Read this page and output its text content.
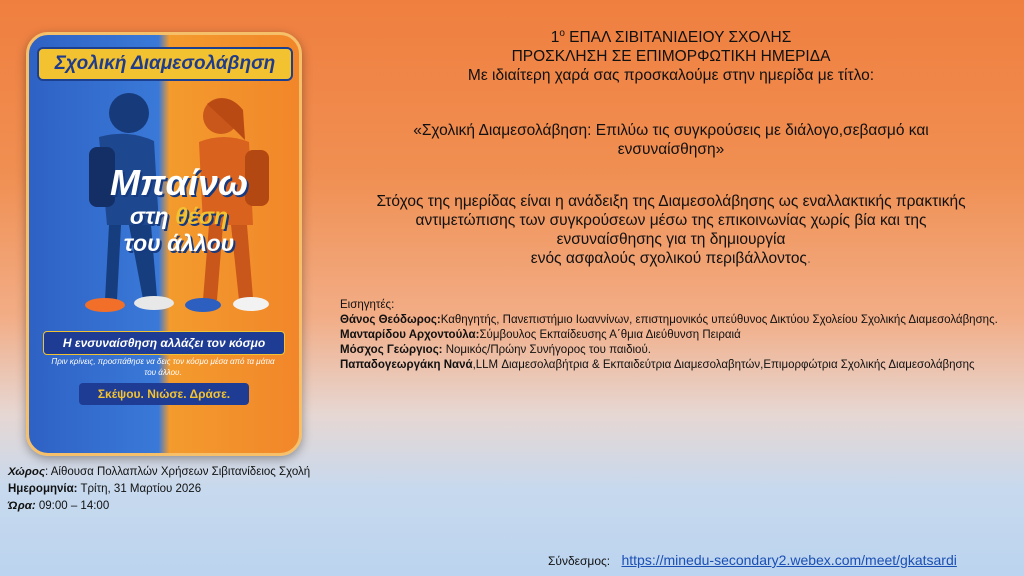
Σχολική Διαμεσολάβηση
Μπαίνω
στη θέση
του άλλου
Η ενσυναίσθηση αλλάζει τον κόσμο
Πριν κρίνεις, προσπάθησε να δεις τον κόσμο μέσα από τα μάτια του άλλου.
Σκέψου. Νιώσε. Δράσε.
$1^o$ ΕΠΑΛ ΣΙΒΙΤΑΝΙΔΕΙΟΥ ΣΧΟΛΗΣ
ΠΡΟΣΚΛΗΣΗ ΣΕ ΕΠΙΜΟΡΦΩΤΙΚΗ ΗΜΕΡΙΔΑ
Με ιδιαίτερη χαρά σας προσκαλούμε στην ημερίδα με τίτλο:
«Σχολική Διαμεσολάβηση: Επιλύω τις συγκρούσεις με διάλογο,σεβασμό και
ενσυναίσθηση»
Στόχος της ημερίδας είναι η ανάδειξη της Διαμεσολάβησης ως εναλλακτικής πρακτικής
αντιμετώπισης των συγκρούσεων μέσω της επικοινωνίας χωρίς βία και της
ενσυναίσθησης για τη δημιουργία
ενός ασφαλούς σχολικού περιβάλλοντος.
Εισηγητές:
Θάνος Θεόδωρος:Καθηγητής, Πανεπιστήμιο Ιωαννίνων, επιστημονικός υπεύθυνος Δικτύου Σχολείου Σχολικής Διαμεσολάβησης.
Μανταρίδου Αρχοντούλα:Σύμβουλος Εκπαίδευσης Α΄θμια Διεύθυνση Πειραιά
Μόσχος Γεώργιος: Νομικός/Πρώην Συνήγορος του παιδιού.
Παπαδογεωργάκη Νανά,LLM Διαμεσολαβήτρια & Εκπαιδεύτρια Διαμεσολαβητών,Επιμορφώτρια Σχολικής Διαμεσολάβησης
Χώρος: Αίθουσα Πολλαπλών Χρήσεων Σιβιτανίδειος Σχολή
Ημερομηνία: Τρίτη, 31 Μαρτίου 2026
Ώρα: 09:00 – 14:00
Σύνδεσμος: https://minedu-secondary2.webex.com/meet/gkatsardi
